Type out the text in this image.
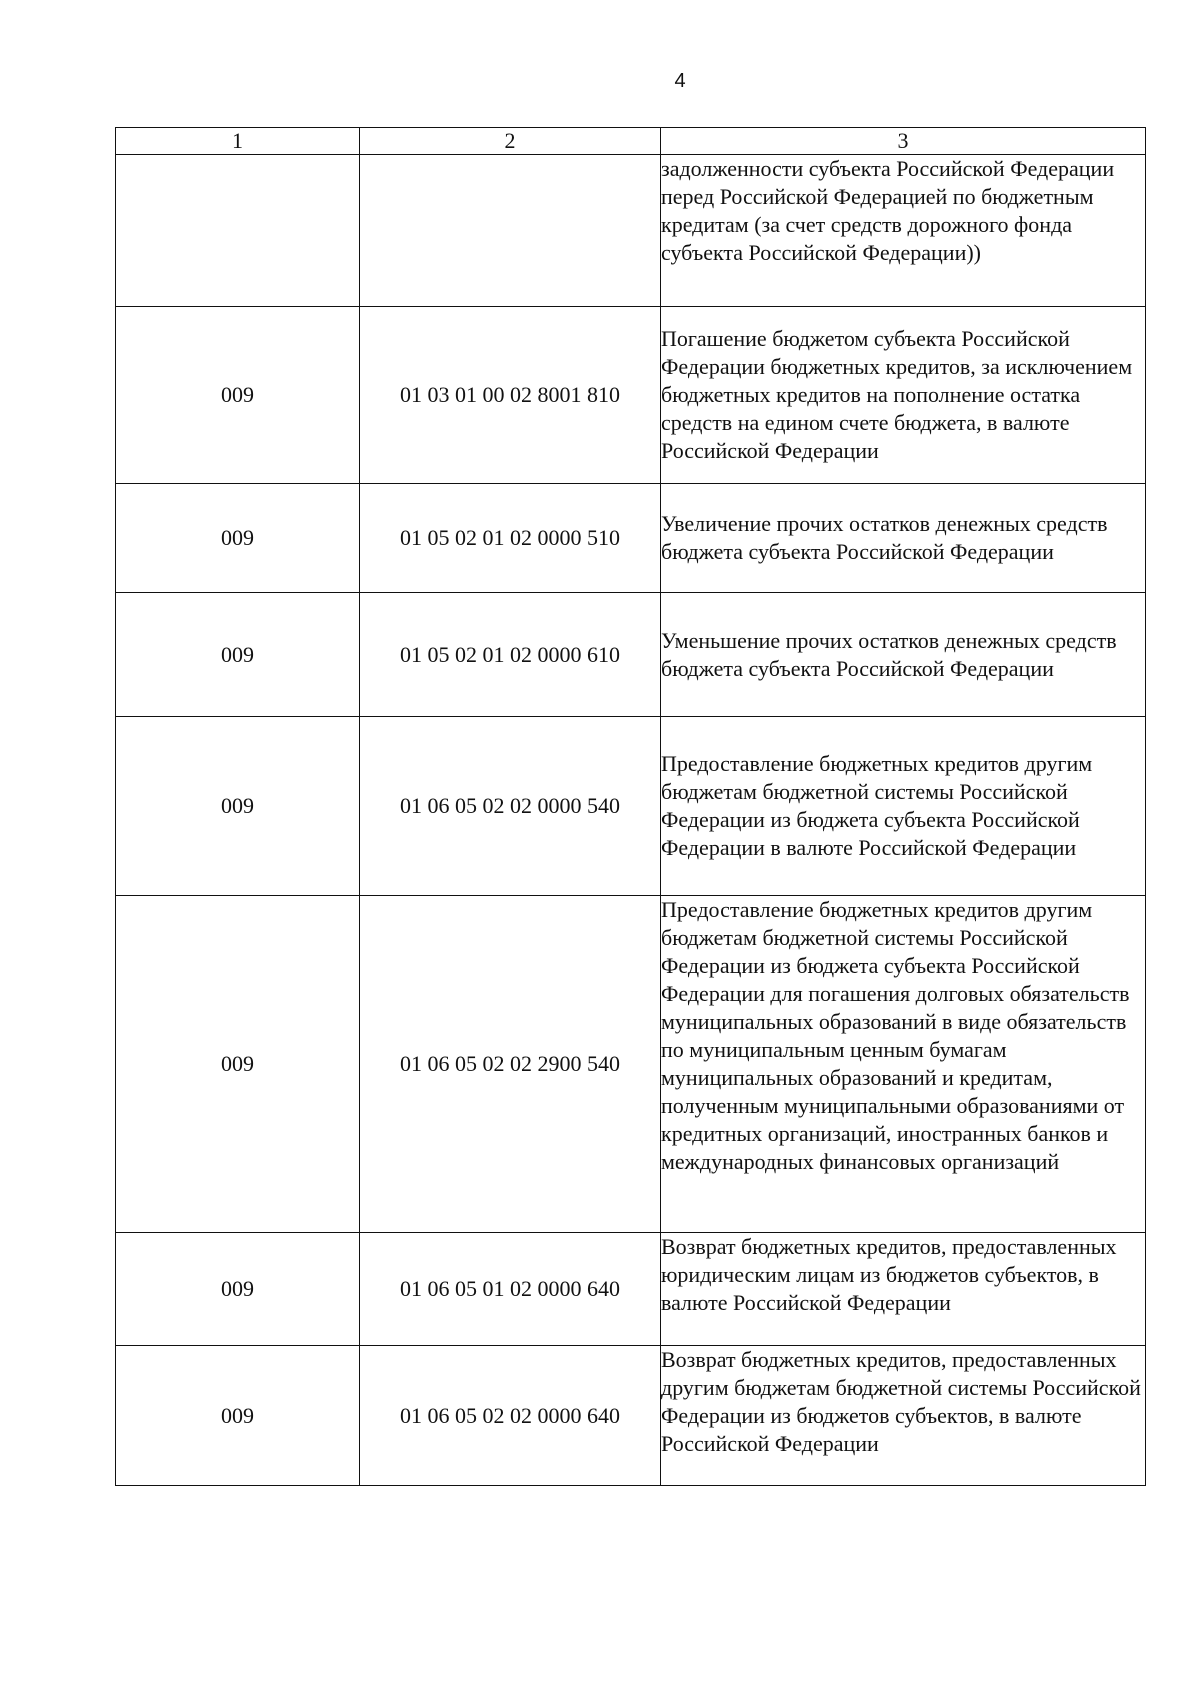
4
1	2	3
		задолженности субъекта Российской Федерации перед Российской Федерацией по бюджетным кредитам (за счет средств дорожного фонда субъекта Российской Федерации))
009	01 03 01 00 02 8001 810	Погашение бюджетом субъекта Российской Федерации бюджетных кредитов, за исключением бюджетных кредитов на пополнение остатка средств на едином счете бюджета, в валюте Российской Федерации
009	01 05 02 01 02 0000 510	Увеличение прочих остатков денежных средств бюджета субъекта Российской Федерации
009	01 05 02 01 02 0000 610	Уменьшение прочих остатков денежных средств бюджета субъекта Российской Федерации
009	01 06 05 02 02 0000 540	Предоставление бюджетных кредитов другим бюджетам бюджетной системы Российской Федерации из бюджета субъекта Российской Федерации в валюте Российской Федерации
009	01 06 05 02 02 2900 540	Предоставление бюджетных кредитов другим бюджетам бюджетной системы Российской Федерации из бюджета субъекта Российской Федерации для погашения долговых обязательств муниципальных образований в виде обязательств по муниципальным ценным бумагам муниципальных образований и кредитам, полученным муниципальными образованиями от кредитных организаций, иностранных банков и международных финансовых организаций
009	01 06 05 01 02 0000 640	Возврат бюджетных кредитов, предоставленных юридическим лицам из бюджетов субъектов, в валюте Российской Федерации
009	01 06 05 02 02 0000 640	Возврат бюджетных кредитов, предоставленных другим бюджетам бюджетной системы Российской Федерации из бюджетов субъектов, в валюте Российской Федерации
